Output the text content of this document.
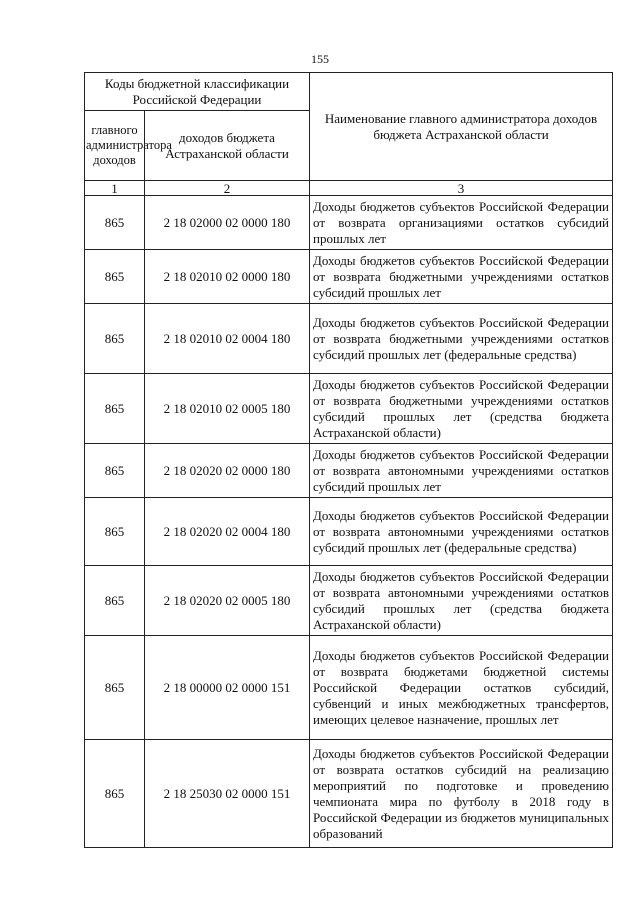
155
Коды бюджетной классификации Российской Федерации		Наименование главного администратора доходов бюджета Астраханской области
главного администратора доходов	доходов бюджета Астраханской области	
1	2	3
865	2 18 02000 02 0000 180	Доходы бюджетов субъектов Российской Федерации от возврата организациями остатков субсидий прошлых лет
865	2 18 02010 02 0000 180	Доходы бюджетов субъектов Российской Федерации от возврата бюджетными учреждениями остатков субсидий прошлых лет
865	2 18 02010 02 0004 180	Доходы бюджетов субъектов Российской Федерации от возврата бюджетными учреждениями остатков субсидий прошлых лет (федеральные средства)
865	2 18 02010 02 0005 180	Доходы бюджетов субъектов Российской Федерации от возврата бюджетными учреждениями остатков субсидий прошлых лет (средства бюджета Астраханской области)
865	2 18 02020 02 0000 180	Доходы бюджетов субъектов Российской Федерации от возврата автономными учреждениями остатков субсидий прошлых лет
865	2 18 02020 02 0004 180	Доходы бюджетов субъектов Российской Федерации от возврата автономными учреждениями остатков субсидий прошлых лет (федеральные средства)
865	2 18 02020 02 0005 180	Доходы бюджетов субъектов Российской Федерации от возврата автономными учреждениями остатков субсидий прошлых лет (средства бюджета Астраханской области)
865	2 18 00000 02 0000 151	Доходы бюджетов субъектов Российской Федерации от возврата бюджетами бюджетной системы Российской Федерации остатков субсидий, субвенций и иных межбюджетных трансфертов, имеющих целевое назначение, прошлых лет
865	2 18 25030 02 0000 151	Доходы бюджетов субъектов Российской Федерации от возврата остатков субсидий на реализацию мероприятий по подготовке и проведению чемпионата мира по футболу в 2018 году в Российской Федерации из бюджетов муниципальных образований
